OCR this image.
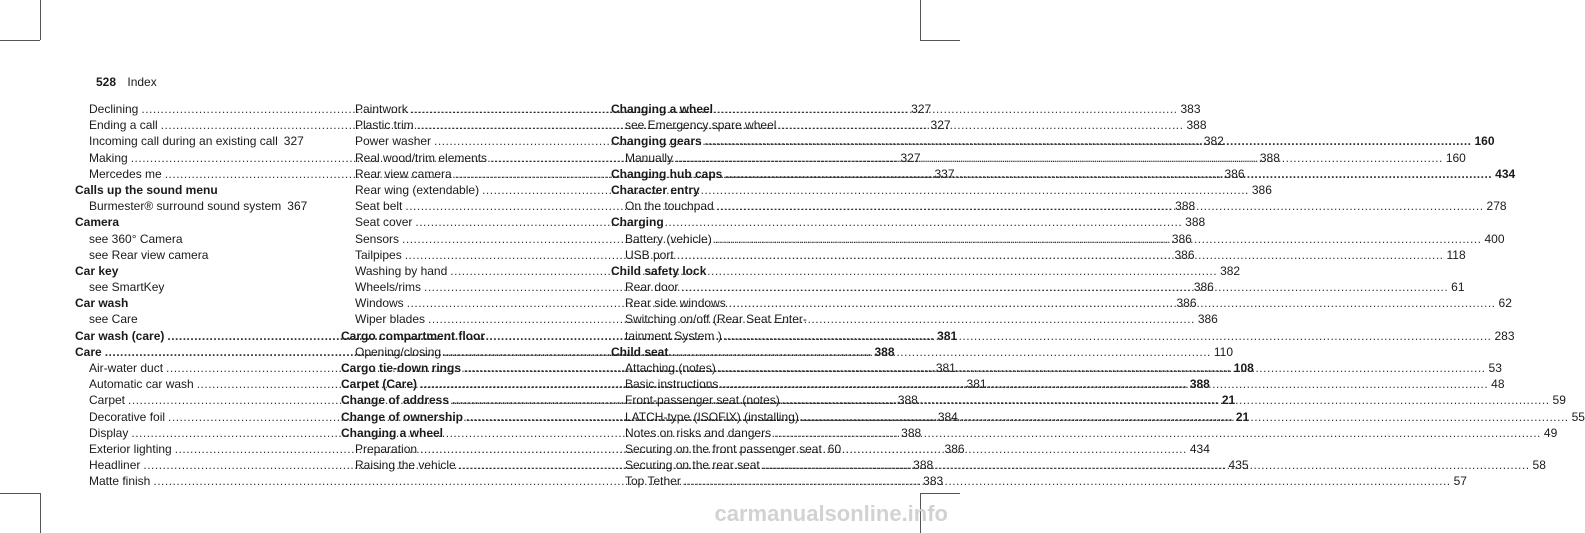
528 Index
Declining .....	327
Ending a call .....	327
Incoming call during an existing call 327
Making .....	327
Mercedes me .....	337
Calls up the sound menu
Burmester® surround sound system 367
Camera
see 360° Camera
see Rear view camera
Car key
see SmartKey
Car wash
see Care
Car wash (care) .....	381
Care .....	388
Air-water duct .....	381
Automatic car wash .....	381
Carpet .....	388
Decorative foil .....	384
Display .....	388
Exterior lighting .....	386
Headliner .....	388
Matte finish .....	383
Paintwork .....	383
Plastic trim .....	388
Power washer .....	382
Real wood/trim elements .....	388
Rear view camera .....	386
Rear wing (extendable) .....	386
Seat belt .....	388
Seat cover .....	388
Sensors .....	386
Tailpipes .....	386
Washing by hand .....	382
Wheels/rims .....	386
Windows .....	386
Wiper blades .....	386
Cargo compartment floor
Opening/closing .....	110
Cargo tie-down rings .....	108
Carpet (Care) .....	388
Change of address .....	21
Change of ownership .....	21
Changing a wheel
Preparation .....	434
Raising the vehicle .....	435
Changing a wheel
see Emergency spare wheel
Changing gears .....	160
Manually .....	160
Changing hub caps .....	434
Character entry
On the touchpad .....	278
Charging
Battery (vehicle) .....	400
USB port .....	118
Child safety lock
Rear door .....	61
Rear side windows .....	62
Switching on/off (Rear Seat Enter-
tainment System ) .....	283
Child seat
Attaching (notes) .....	53
Basic instructions .....	48
Front-passenger seat (notes) .....	59
LATCH-type (ISOFIX) (installing) .....	55
Notes on risks and dangers .....	49
Securing on the front passenger seat 60
Securing on the rear seat .....	58
Top Tether .....	57
carmanualsonline.info
